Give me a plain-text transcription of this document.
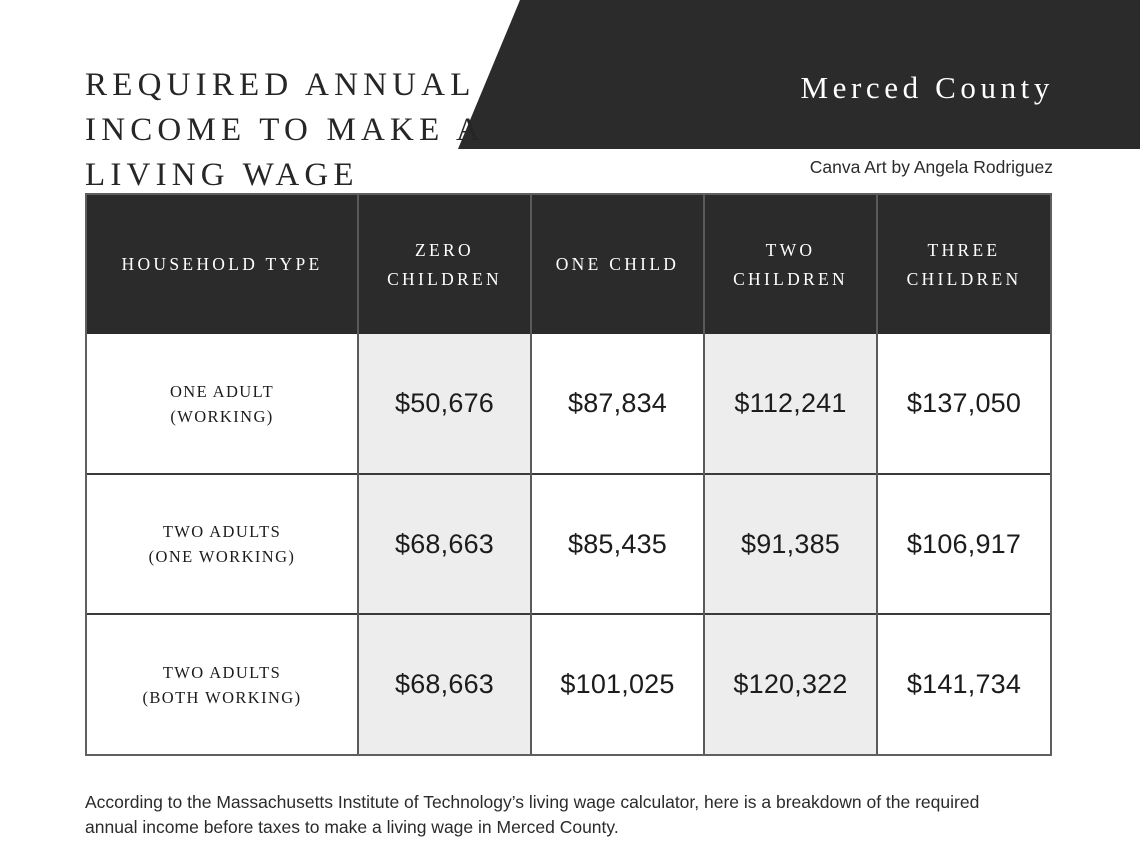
Merced County
REQUIRED ANNUAL INCOME TO MAKE A LIVING WAGE	Canva Art by Angela Rodriguez
HOUSEHOLD TYPE	ZERO CHILDREN	ONE CHILD	TWO CHILDREN	THREE CHILDREN
ONE ADULT
(WORKING)	$50,676	$87,834	$112,241	$137,050
TWO ADULTS
(ONE WORKING)	$68,663	$85,435	$91,385	$106,917
TWO ADULTS
(BOTH WORKING)	$68,663	$101,025	$120,322	$141,734

According to the Massachusetts Institute of Technology’s living wage calculator, here is a breakdown of the required annual income before taxes to make a living wage in Merced County.
